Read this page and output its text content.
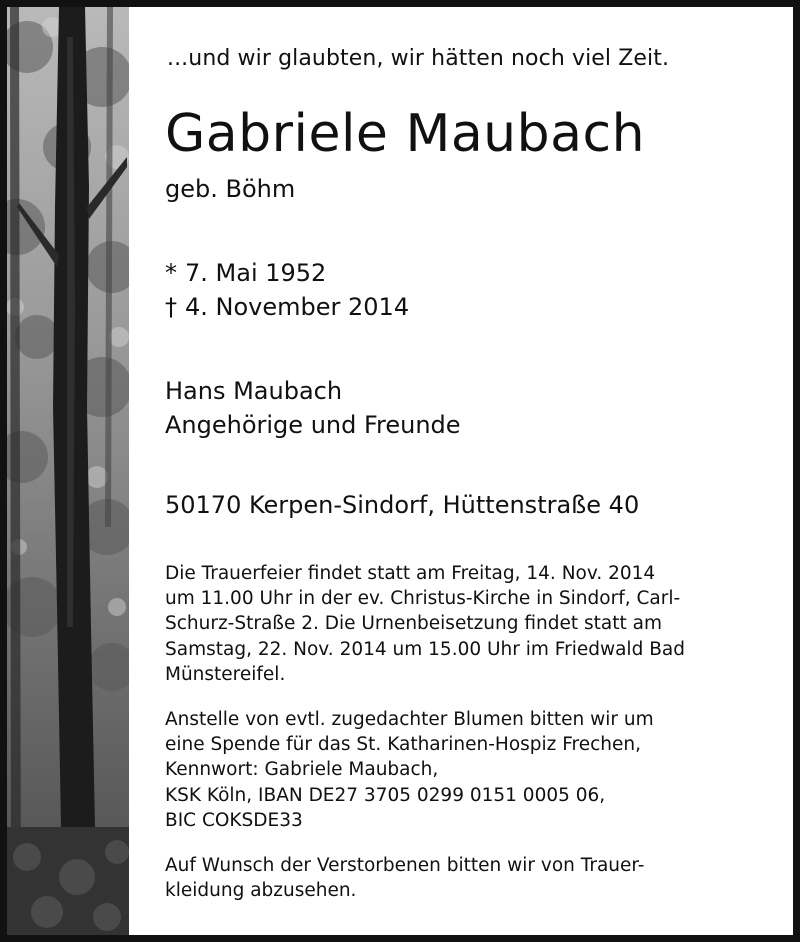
...und wir glaubten, wir hätten noch viel Zeit.
Gabriele Maubach
geb. Böhm
* 7. Mai 1952
† 4. November 2014
Hans Maubach
Angehörige und Freunde
50170 Kerpen-Sindorf, Hüttenstraße 40
Die Trauerfeier findet statt am Freitag, 14. Nov. 2014
um 11.00 Uhr in der ev. Christus-Kirche in Sindorf, Carl-
Schurz-Straße 2. Die Urnenbeisetzung findet statt am
Samstag, 22. Nov. 2014 um 15.00 Uhr im Friedwald Bad
Münstereifel.
Anstelle von evtl. zugedachter Blumen bitten wir um
eine Spende für das St. Katharinen-Hospiz Frechen,
Kennwort: Gabriele Maubach,
KSK Köln, IBAN DE27 3705 0299 0151 0005 06,
BIC COKSDE33
Auf Wunsch der Verstorbenen bitten wir von Trauer-
kleidung abzusehen.
